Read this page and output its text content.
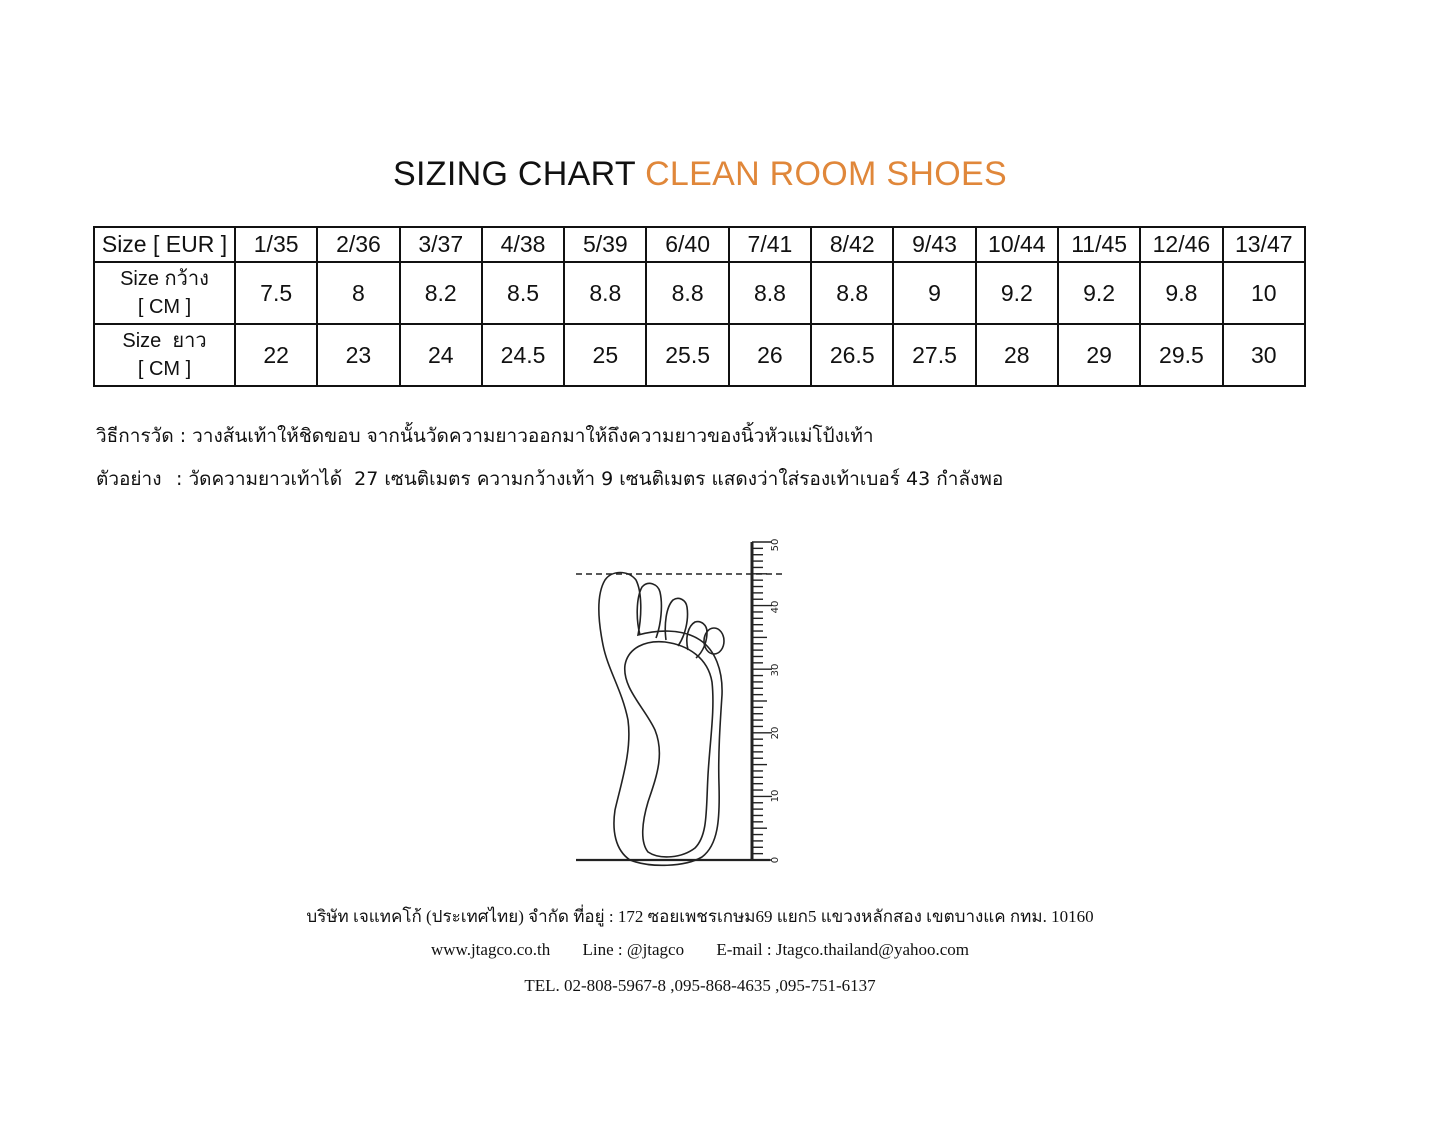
SIZING CHART CLEAN ROOM SHOES
Size [ EUR ]	1/35	2/36	3/37	4/38	5/39	6/40	7/41	8/42	9/43	10/44	11/45	12/46	13/47

Size กว้าง
[ CM ]	7.5	8	8.2	8.5	8.8	8.8	8.8	8.8	9	9.2	9.2	9.8	10

Size  ยาว
[ CM ]	22	23	24	24.5	25	25.5	26	26.5	27.5	28	29	29.5	30
วิธีการวัด : วางส้นเท้าให้ชิดขอบ จากนั้นวัดความยาวออกมาให้ถึงความยาวของนิ้วหัวแม่โป้งเท้า
ตัวอย่าง : วัดความยาวเท้าได้  27 เซนติเมตร ความกว้างเท้า 9 เซนติเมตร แสดงว่าใส่รองเท้าเบอร์ 43 กำลังพอ
50
40
30
20
10
0
บริษัท เจแทคโก้ (ประเทศไทย) จำกัด ที่อยู่ : 172 ซอยเพชรเกษม69 แยก5 แขวงหลักสอง เขตบางแค กทม. 10160
www.jtagco.co.th Line : @jtagco E-mail : Jtagco.thailand@yahoo.com
TEL. 02-808-5967-8 ,095-868-4635 ,095-751-6137
